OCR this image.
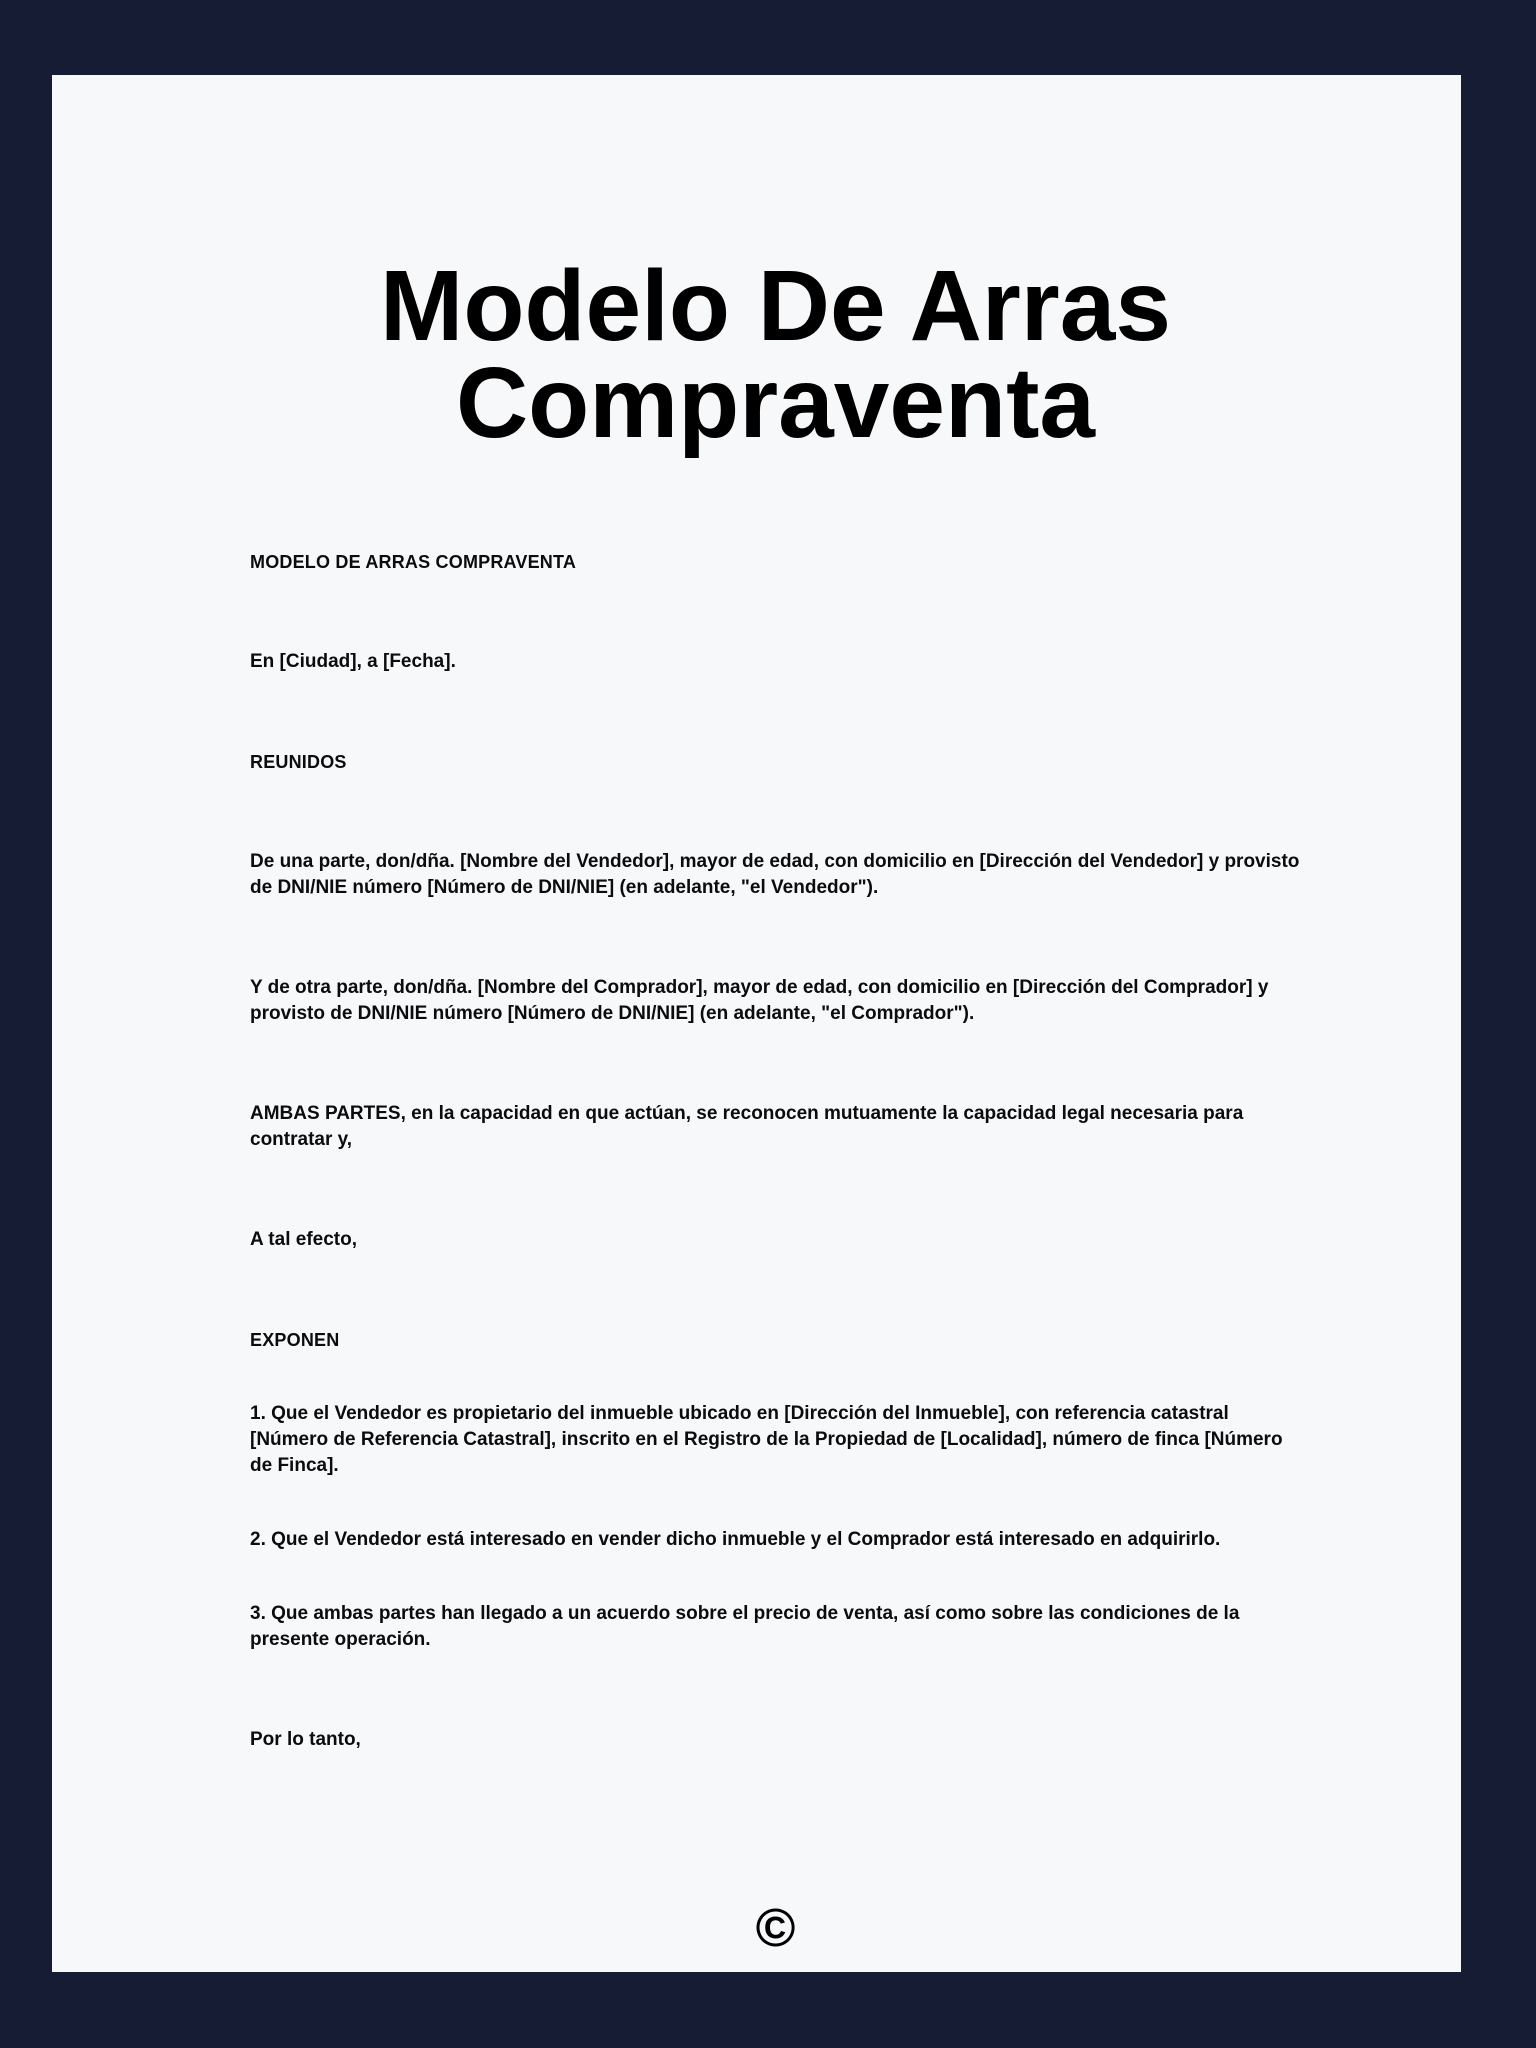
Modelo De Arras Compraventa
MODELO DE ARRAS COMPRAVENTA

En [Ciudad], a [Fecha].

REUNIDOS

De una parte, don/dña. [Nombre del Vendedor], mayor de edad, con domicilio en [Dirección del Vendedor] y provisto de DNI/NIE número [Número de DNI/NIE] (en adelante, "el Vendedor").

Y de otra parte, don/dña. [Nombre del Comprador], mayor de edad, con domicilio en [Dirección del Comprador] y provisto de DNI/NIE número [Número de DNI/NIE] (en adelante, "el Comprador").

AMBAS PARTES, en la capacidad en que actúan, se reconocen mutuamente la capacidad legal necesaria para contratar y,

A tal efecto,

EXPONEN

1. Que el Vendedor es propietario del inmueble ubicado en [Dirección del Inmueble], con referencia catastral [Número de Referencia Catastral], inscrito en el Registro de la Propiedad de [Localidad], número de finca [Número de Finca].

2. Que el Vendedor está interesado en vender dicho inmueble y el Comprador está interesado en adquirirlo.

3. Que ambas partes han llegado a un acuerdo sobre el precio de venta, así como sobre las condiciones de la presente operación.

Por lo tanto,

©
